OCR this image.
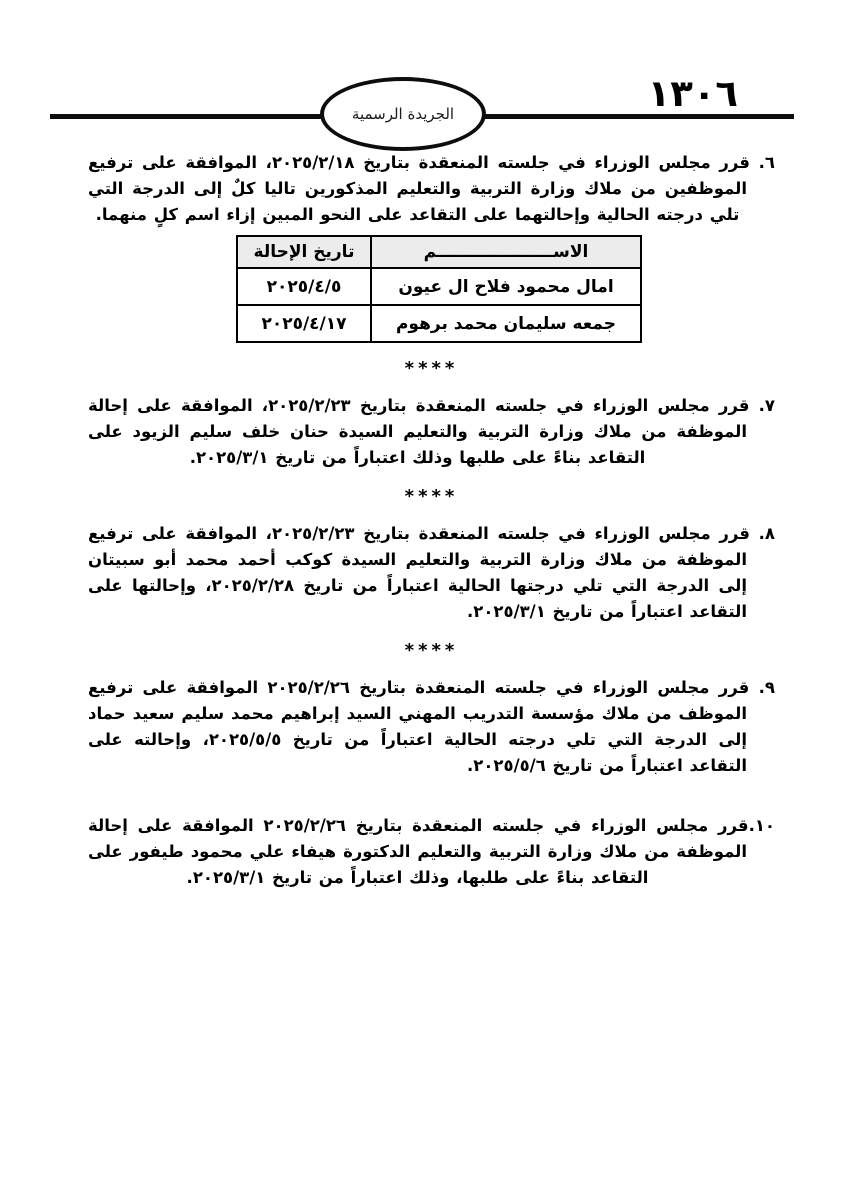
١٣٠٦
الجريدة الرسمية

٦. قرر مجلس الوزراء في جلسته المنعقدة بتاريخ ٢٠٢٥/٢/١٨، الموافقة على ترفيع الموظفين من ملاك وزارة التربية والتعليم المذكورين تاليا كلٌ إلى الدرجة التي تلي درجته الحالية وإحالتهما على التقاعد على النحو المبين إزاء اسم كلٍ منهما.

الاســــــــــــــــــــم	تاريخ الإحالة
امال محمود فلاح ال عيون	٢٠٢٥/٤/٥
جمعه سليمان محمد برهوم	٢٠٢٥/٤/١٧
****

٧. قرر مجلس الوزراء في جلسته المنعقدة بتاريخ ٢٠٢٥/٢/٢٣، الموافقة على إحالة الموظفة من ملاك وزارة التربية والتعليم السيدة حنان خلف سليم الزيود على التقاعد بناءً على طلبها وذلك اعتباراً من تاريخ ٢٠٢٥/٣/١.

****

٨. قرر مجلس الوزراء في جلسته المنعقدة بتاريخ ٢٠٢٥/٢/٢٣، الموافقة على ترفيع الموظفة من ملاك وزارة التربية والتعليم السيدة كوكب أحمد محمد أبو سبيتان إلى الدرجة التي تلي درجتها الحالية اعتباراً من تاريخ ٢٠٢٥/٢/٢٨، وإحالتها على التقاعد اعتباراً من تاريخ ٢٠٢٥/٣/١.

****

٩. قرر مجلس الوزراء في جلسته المنعقدة بتاريخ ٢٠٢٥/٢/٢٦ الموافقة على ترفيع الموظف من ملاك مؤسسة التدريب المهني السيد إبراهيم محمد سليم سعيد حماد إلى الدرجة التي تلي درجته الحالية اعتباراً من تاريخ ٢٠٢٥/٥/٥، وإحالته على التقاعد اعتباراً من تاريخ ٢٠٢٥/٥/٦.

١٠.قرر مجلس الوزراء في جلسته المنعقدة بتاريخ ٢٠٢٥/٢/٢٦ الموافقة على إحالة الموظفة من ملاك وزارة التربية والتعليم الدكتورة هيفاء علي محمود طيفور على التقاعد بناءً على طلبها، وذلك اعتباراً من تاريخ ٢٠٢٥/٣/١.
